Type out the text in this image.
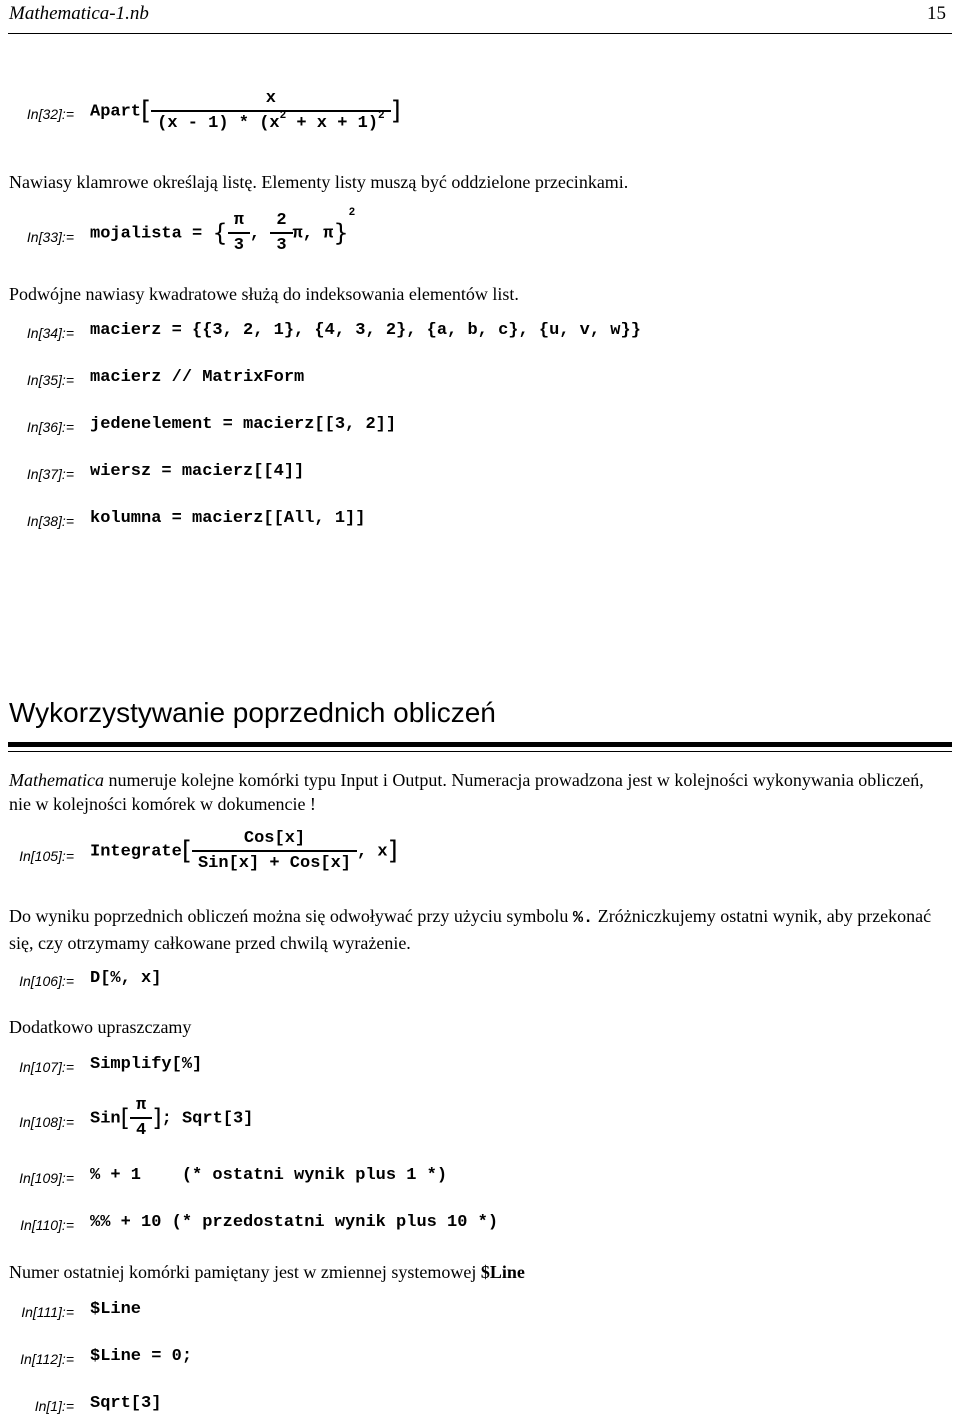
Mathematica-1.nb	15
In[32]:= Apart[ $\frac{x}{(x - 1) * (x^2 + x + 1)^2}$ ]
Nawiasy klamrowe określają listę. Elementy listy muszą być oddzielone przecinkami.
In[33]:= mojalista = { $\frac{\pi}{3}$ , $\frac{2}{3} \pi$, π}$^2$
Podwójne nawiasy kwadratowe służą do indeksowania elementów list.
In[34]:= macierz = {{3, 2, 1}, {4, 3, 2}, {a, b, c}, {u, v, w}}
In[35]:= macierz // MatrixForm
In[36]:= jedenelement = macierz[[3, 2]]
In[37]:= wiersz = macierz[[4]]
In[38]:= kolumna = macierz[[All, 1]]
Wykorzystywanie poprzednich obliczeń
Mathematica numeruje kolejne komórki typu Input i Output. Numeracja prowadzona jest w kolejności wykonywania obliczeń, nie w kolejności komórek w dokumencie !
In[105]:= Integrate[ $\frac{\text{Cos[x]}}{\text{Sin[x] + Cos[x]}}$ , x]
Do wyniku poprzednich obliczeń można się odwoływać przy użyciu symbolu %. Zróżniczkujemy ostatni wynik, aby przekonać się, czy otrzymamy całkowane przed chwilą wyrażenie.
In[106]:= D[%, x]
Dodatkowo upraszczamy
In[107]:= Simplify[%]
In[108]:= $Sin[ \frac{\pi}{4}$ ]; Sqrt[3]
In[109]:= % + 1    (* ostatni wynik plus 1 *)
In[110]:= %% + 10 (* przedostatni wynik plus 10 *)
Numer ostatniej komórki pamiętany jest w zmiennej systemowej $Line
In[111]:= $Line
In[112]:= $Line = 0;
In[1]:= Sqrt[3]
